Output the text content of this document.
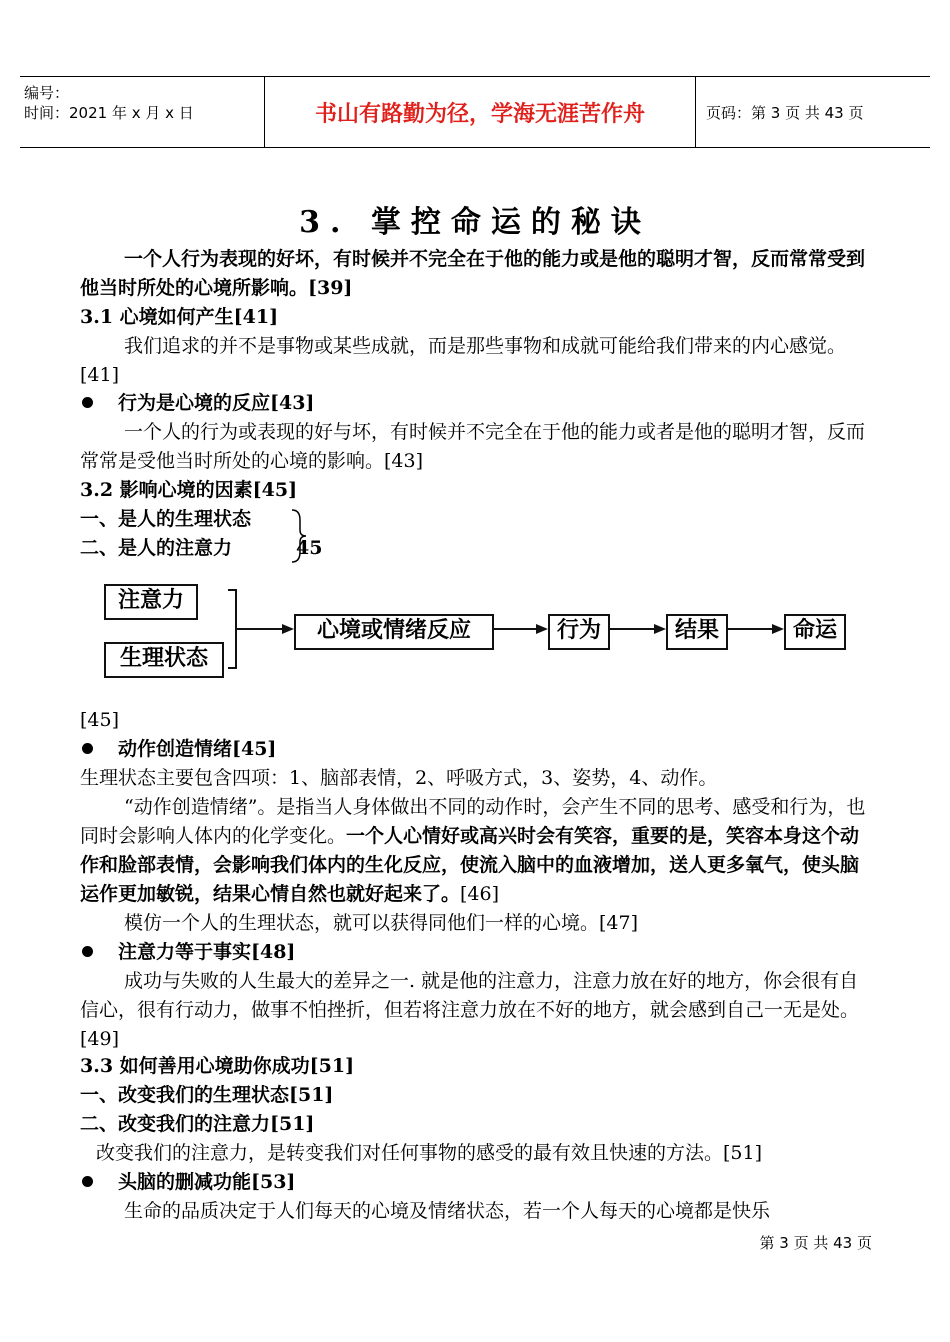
编号：
时间：2021 年 x 月 x 日	书山有路勤为径，学海无涯苦作舟	页码：第 3 页 共 43 页
3. 掌控命运的秘诀
一个人行为表现的好坏，有时候并不完全在于他的能力或是他的聪明才智，反而常常受到他当时所处的心境所影响。[39]
3.1 心境如何产生[41]
我们追求的并不是事物或某些成就，而是那些事物和成就可能给我们带来的内心感觉。[41]
行为是心境的反应[43]
一个人的行为或表现的好与坏，有时候并不完全在于他的能力或者是他的聪明才智，反而常常是受他当时所处的心境的影响。[43]
3.2 影响心境的因素[45]
一、是人的生理状态
二、是人的注意力	45
注意力
生理状态
心境或情绪反应	行为	结果	命运
[45]
动作创造情绪[45]
生理状态主要包含四项：1、脑部表情，2、呼吸方式，3、姿势，4、动作。
“动作创造情绪”。是指当人身体做出不同的动作时，会产生不同的思考、感受和行为，也同时会影响人体内的化学变化。一个人心情好或高兴时会有笑容，重要的是，笑容本身这个动作和脸部表情，会影响我们体内的生化反应，使流入脑中的血液增加，送人更多氧气，使头脑运作更加敏锐，结果心情自然也就好起来了。[46]
模仿一个人的生理状态，就可以获得同他们一样的心境。[47]
注意力等于事实[48]
成功与失败的人生最大的差异之一. 就是他的注意力，注意力放在好的地方，你会很有自信心，很有行动力，做事不怕挫折，但若将注意力放在不好的地方，就会感到自己一无是处。[49]
3.3 如何善用心境助你成功[51]
一、改变我们的生理状态[51]
二、改变我们的注意力[51]
改变我们的注意力，是转变我们对任何事物的感受的最有效且快速的方法。[51]
头脑的删减功能[53]
生命的品质决定于人们每天的心境及情绪状态，若一个人每天的心境都是快乐
第 3 页 共 43 页
